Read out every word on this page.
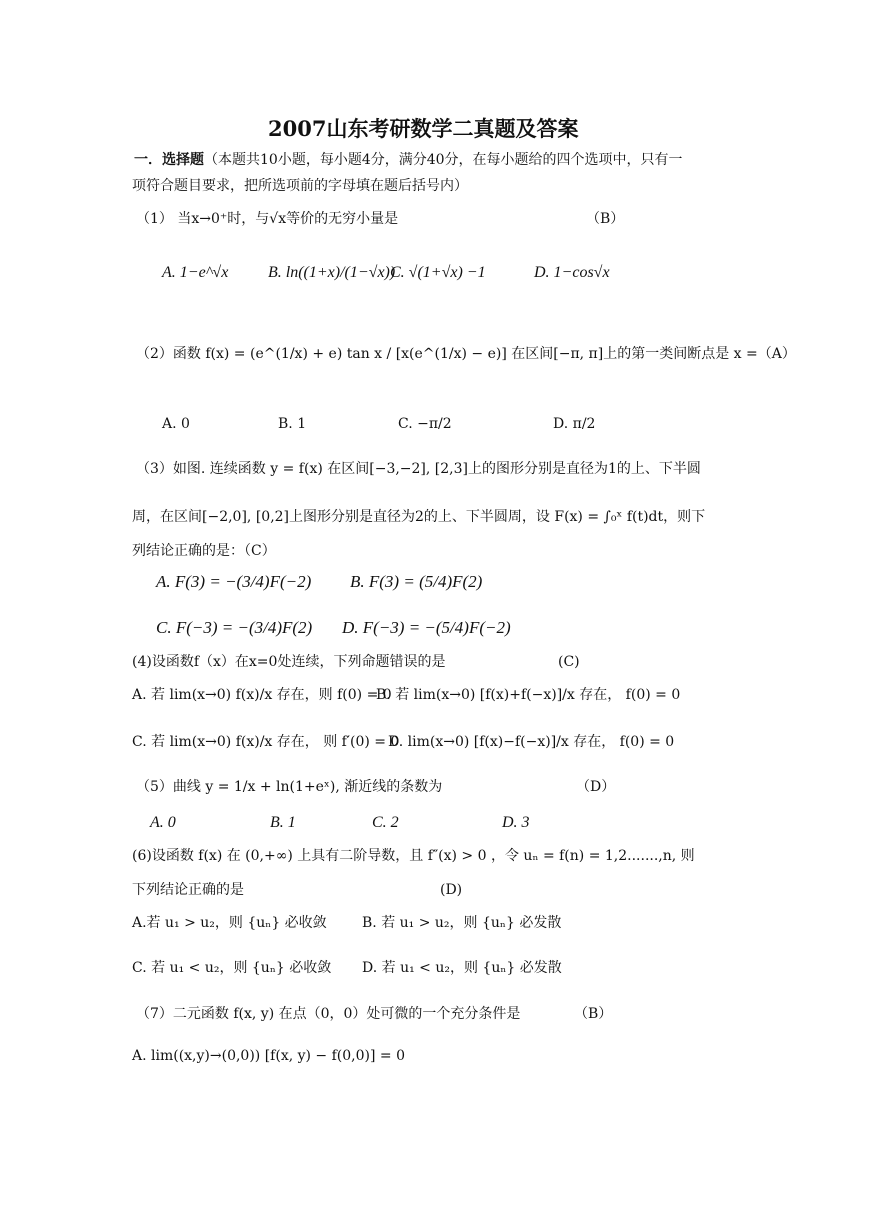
2007山东考研数学二真题及答案
一．选择题（本题共10小题，每小题4分，满分40分，在每小题给的四个选项中，只有一
项符合题目要求，把所选项前的字母填在题后括号内）
（1） 当x→0⁺时，与√x等价的无穷小量是	（B）
A. 1−e^√x B. ln((1+x)/(1−√x))
C. √(1+√x) −1	D. 1−cos√x
（2）函数 f(x) = (e^(1/x) + e) tan x / [x(e^(1/x) − e)] 在区间[−π, π]上的第一类间断点是 x =（A）
A. 0	B. 1	C. −π/2	D. π/2
（3）如图. 连续函数 y = f(x) 在区间[−3,−2], [2,3]上的图形分别是直径为1的上、下半圆
周，在区间[−2,0], [0,2]上图形分别是直径为2的上、下半圆周，设 F(x) = ∫₀ˣ f(t)dt，则下
列结论正确的是：（C）
A. F(3) = −(3/4)F(−2) B. F(3) = (5/4)F(2)
C. F(−3) = −(3/4)F(2) D. F(−3) = −(5/4)F(−2)
(4)设函数f（x）在x=0处连续，下列命题错误的是	(C)
A. 若 lim(x→0) f(x)/x 存在，则 f(0) = 0
B. 若 lim(x→0) [f(x)+f(−x)]/x 存在， f(0) = 0
C. 若 lim(x→0) f(x)/x 存在， 则 f′(0) = 0
D. lim(x→0) [f(x)−f(−x)]/x 存在， f(0) = 0
（5）曲线 y = 1/x + ln(1+eˣ), 渐近线的条数为	（D）
A. 0	B. 1	C. 2	D. 3
(6)设函数 f(x) 在 (0,+∞) 上具有二阶导数，且 f″(x) > 0 ，令 uₙ = f(n) = 1,2.......,n, 则
下列结论正确的是	(D)
A.若 u₁ > u₂，则 {uₙ} 必收敛	B. 若 u₁ > u₂，则 {uₙ} 必发散
C. 若 u₁ < u₂，则 {uₙ} 必收敛 D. 若 u₁ < u₂，则 {uₙ} 必发散
（7）二元函数 f(x, y) 在点（0，0）处可微的一个充分条件是	（B）
A. lim((x,y)→(0,0)) [f(x, y) − f(0,0)] = 0
